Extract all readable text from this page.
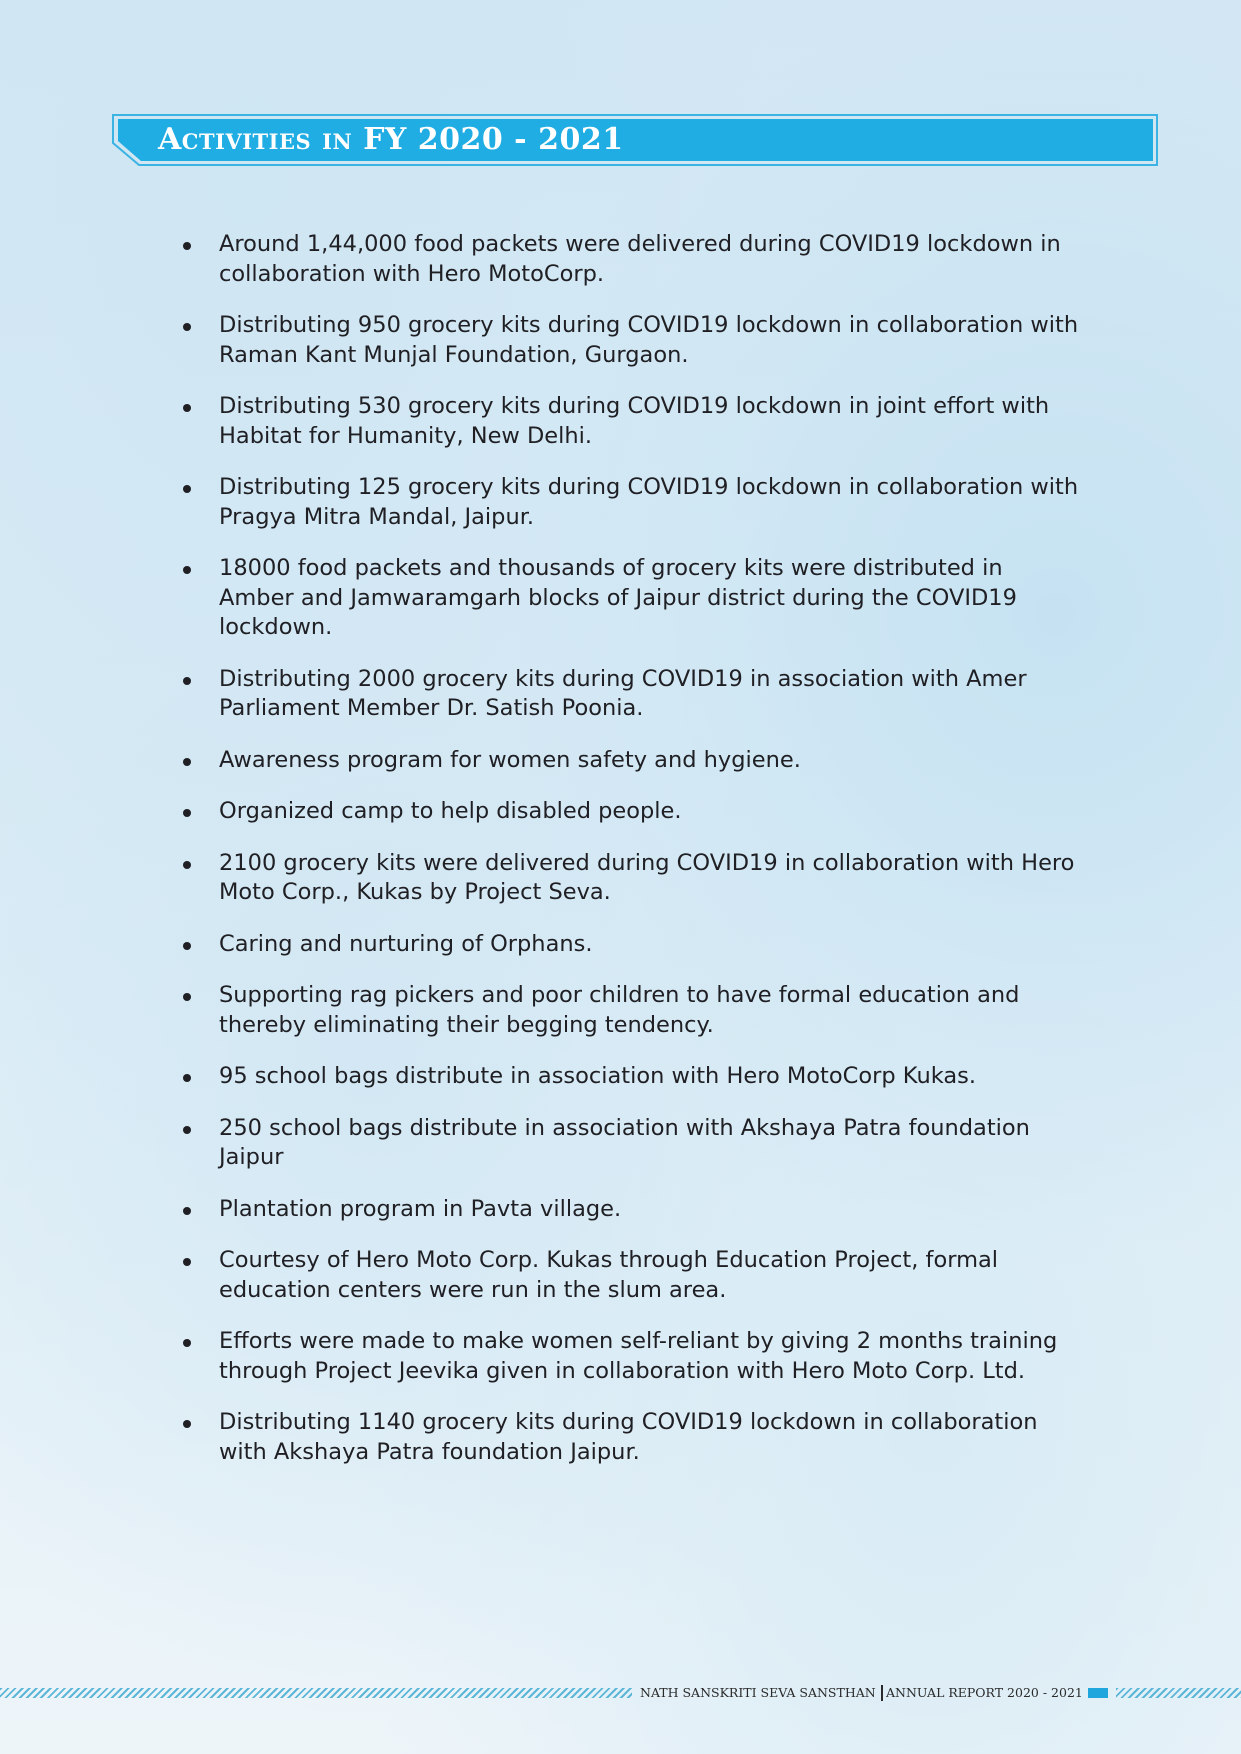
Activities in FY 2020 - 2021
Around 1,44,000 food packets were delivered during COVID19 lockdown in collaboration with Hero MotoCorp.
Distributing 950 grocery kits during COVID19 lockdown in collaboration with Raman Kant Munjal Foundation, Gurgaon.
Distributing 530 grocery kits during COVID19 lockdown in joint effort with Habitat for Humanity, New Delhi.
Distributing 125 grocery kits during COVID19 lockdown in collaboration with Pragya Mitra Mandal, Jaipur.
18000 food packets and thousands of grocery kits were distributed in Amber and Jamwaramgarh blocks of Jaipur district during the COVID19 lockdown.
Distributing 2000 grocery kits during COVID19 in association with Amer Parliament Member Dr. Satish Poonia.
Awareness program for women safety and hygiene.
Organized camp to help disabled people.
2100 grocery kits were delivered during COVID19 in collaboration with Hero Moto Corp., Kukas by Project Seva.
Caring and nurturing of Orphans.
Supporting rag pickers and poor children to have formal education and thereby eliminating their begging tendency.
95 school bags distribute in association with Hero MotoCorp Kukas.
250 school bags distribute in association with Akshaya Patra foundation Jaipur
Plantation program in Pavta village.
Courtesy of Hero Moto Corp. Kukas through Education Project, formal education centers were run in the slum area.
Efforts were made to make women self-reliant by giving 2 months training through Project Jeevika given in collaboration with Hero Moto Corp. Ltd.
Distributing 1140 grocery kits during COVID19 lockdown in collaboration with Akshaya Patra foundation Jaipur.
NATH SANSKRITI SEVA SANSTHAN ANNUAL REPORT 2020 - 2021
